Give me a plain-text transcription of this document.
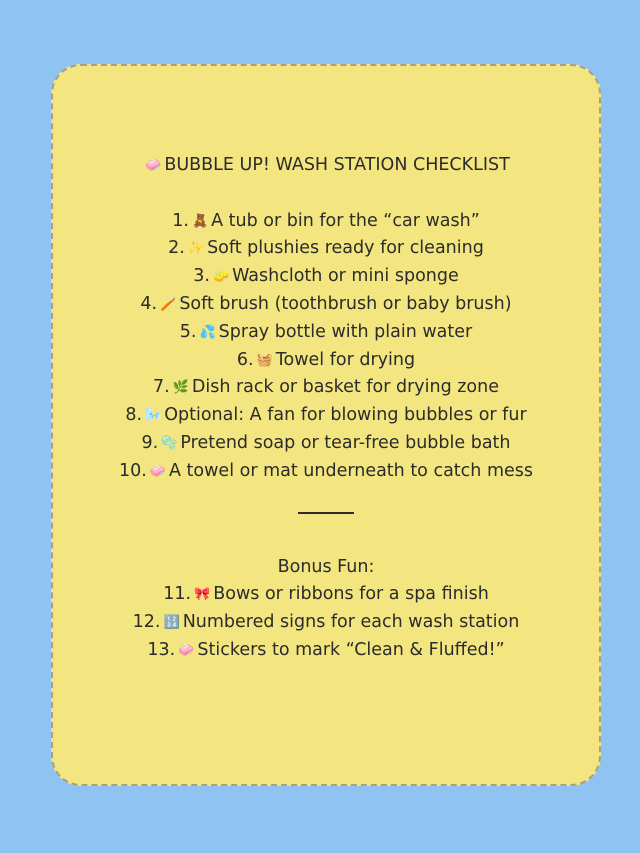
🧼 BUBBLE UP! WASH STATION CHECKLIST
1. 🧸 A tub or bin for the “car wash”
2. ✨ Soft plushies ready for cleaning
3. 🧽 Washcloth or mini sponge
4. 🪥 Soft brush (toothbrush or baby brush)
5. 💦 Spray bottle with plain water
6. 🧺 Towel for drying
7. 🌿 Dish rack or basket for drying zone
8. 🌬️ Optional: A fan for blowing bubbles or fur
9. 🫧 Pretend soap or tear-free bubble bath
10. 🧼 A towel or mat underneath to catch mess
Bonus Fun:
11. 🎀 Bows or ribbons for a spa finish
12. 🔢 Numbered signs for each wash station
13. 🧼 Stickers to mark “Clean & Fluffed!”
